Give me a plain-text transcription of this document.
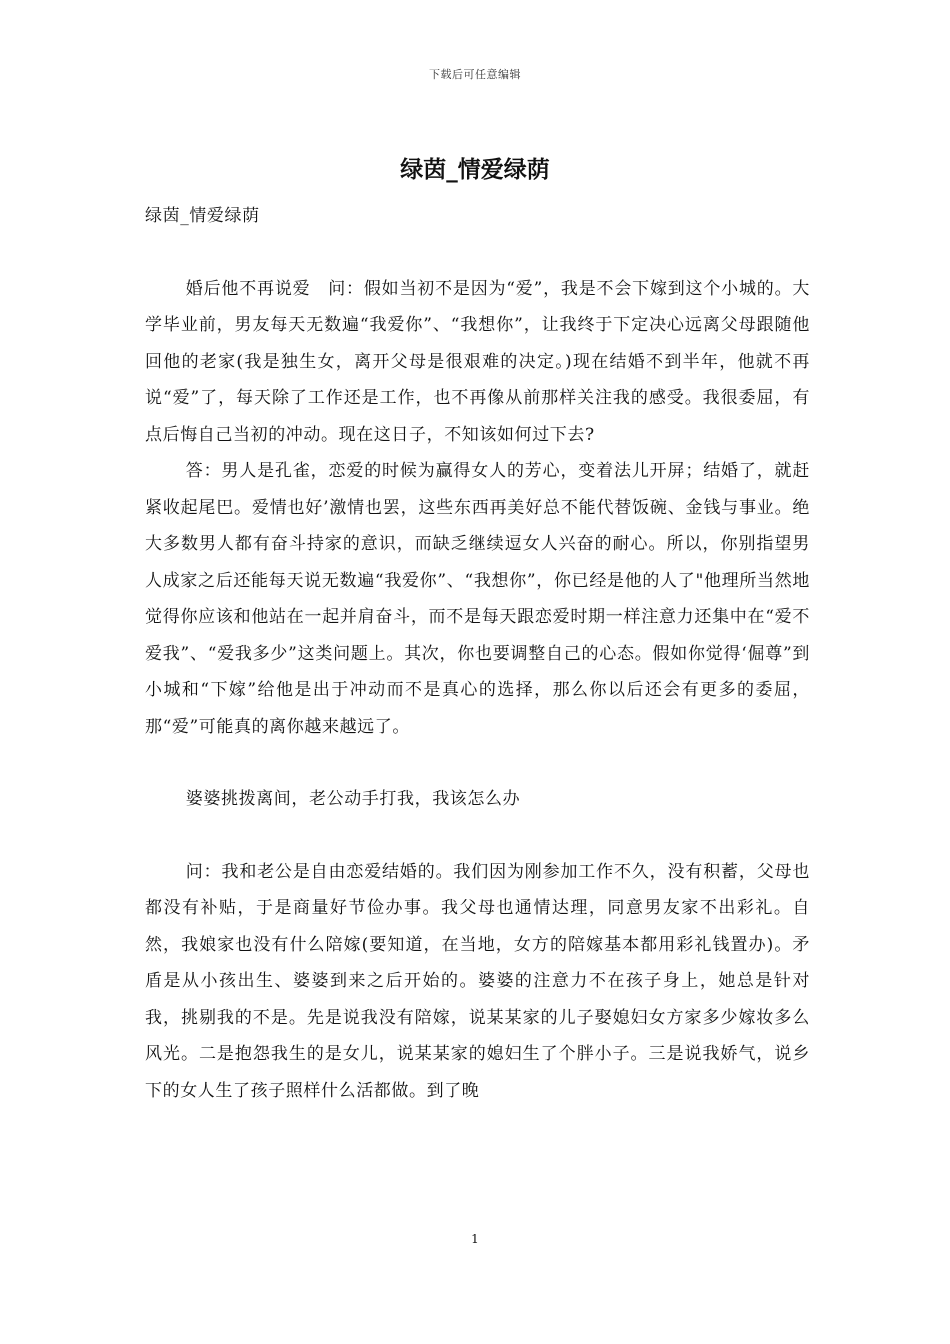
下载后可任意编辑
绿茵_情爱绿荫

绿茵_情爱绿荫

婚后他不再说爱　问：假如当初不是因为“爱”，我是不会下嫁到这个小城的。大学毕业前，男友每天无数遍“我爱你”、“我想你”，让我终于下定决心远离父母跟随他回他的老家(我是独生女，离开父母是很艰难的决定。)现在结婚不到半年，他就不再说“爱”了，每天除了工作还是工作，也不再像从前那样关注我的感受。我很委屈，有点后悔自己当初的冲动。现在这日子，不知该如何过下去?

答：男人是孔雀，恋爱的时候为赢得女人的芳心，变着法儿开屏；结婚了，就赶紧收起尾巴。爱情也好’激情也罢，这些东西再美好总不能代替饭碗、金钱与事业。绝大多数男人都有奋斗持家的意识，而缺乏继续逗女人兴奋的耐心。所以，你别指望男人成家之后还能每天说无数遍“我爱你”、“我想你”，你已经是他的人了"他理所当然地觉得你应该和他站在一起并肩奋斗，而不是每天跟恋爱时期一样注意力还集中在“爱不爱我”、“爱我多少”这类问题上。其次，你也要调整自己的心态。假如你觉得‘倔尊”到小城和“下嫁”给他是出于冲动而不是真心的选择，那么你以后还会有更多的委屈，那“爱”可能真的离你越来越远了。

婆婆挑拨离间，老公动手打我，我该怎么办

问：我和老公是自由恋爱结婚的。我们因为刚参加工作不久，没有积蓄，父母也都没有补贴，于是商量好节俭办事。我父母也通情达理，同意男友家不出彩礼。自然，我娘家也没有什么陪嫁(要知道，在当地，女方的陪嫁基本都用彩礼钱置办)。矛盾是从小孩出生、婆婆到来之后开始的。婆婆的注意力不在孩子身上，她总是针对我，挑剔我的不是。先是说我没有陪嫁，说某某家的儿子娶媳妇女方家多少嫁妆多么风光。二是抱怨我生的是女儿，说某某家的媳妇生了个胖小子。三是说我娇气，说乡下的女人生了孩子照样什么活都做。到了晚

1
